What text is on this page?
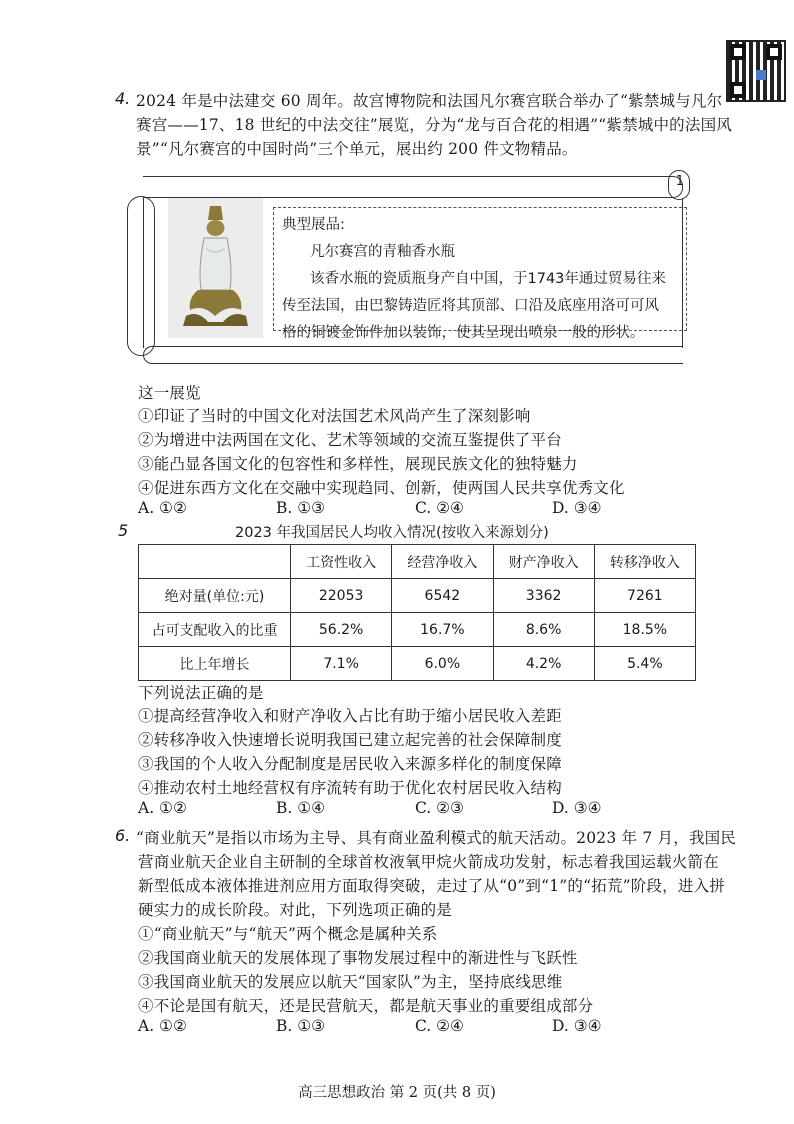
4. 2024 年是中法建交 60 周年。故宫博物院和法国凡尔赛宫联合举办了“紫禁城与凡尔
赛宫——17、18 世纪的中法交往”展览，分为“龙与百合花的相遇”“紫禁城中的法国风
景”“凡尔赛宫的中国时尚”三个单元，展出约 200 件文物精品。
1
典型展品:
凡尔赛宫的青釉香水瓶
该香水瓶的瓷质瓶身产自中国，于1743年通过贸易往来
传至法国，由巴黎铸造匠将其顶部、口沿及底座用洛可可风
格的铜镀金饰件加以装饰，使其呈现出喷泉一般的形状。
这一展览
①印证了当时的中国文化对法国艺术风尚产生了深刻影响
②为增进中法两国在文化、艺术等领域的交流互鉴提供了平台
③能凸显各国文化的包容性和多样性，展现民族文化的独特魅力
④促进东西方文化在交融中实现趋同、创新，使两国人民共享优秀文化
A. ①②	B. ①③	C. ②④	D. ③④
5	2023 年我国居民人均收入情况(按收入来源划分)
	工资性收入	经营净收入	财产净收入	转移净收入
绝对量(单位:元)	22053	6542	3362	7261
占可支配收入的比重	56.2%	16.7%	8.6%	18.5%
比上年增长	7.1%	6.0%	4.2%	5.4%
下列说法正确的是
①提高经营净收入和财产净收入占比有助于缩小居民收入差距
②转移净收入快速增长说明我国已建立起完善的社会保障制度
③我国的个人收入分配制度是居民收入来源多样化的制度保障
④推动农村土地经营权有序流转有助于优化农村居民收入结构
A. ①②	B. ①④	C. ②③	D. ③④
6. “商业航天”是指以市场为主导、具有商业盈利模式的航天活动。2023 年 7 月，我国民
营商业航天企业自主研制的全球首枚液氧甲烷火箭成功发射，标志着我国运载火箭在
新型低成本液体推进剂应用方面取得突破，走过了从“0”到“1”的“拓荒”阶段，进入拼
硬实力的成长阶段。对此，下列选项正确的是
①“商业航天”与“航天”两个概念是属种关系
②我国商业航天的发展体现了事物发展过程中的渐进性与飞跃性
③我国商业航天的发展应以航天“国家队”为主，坚持底线思维
④不论是国有航天，还是民营航天，都是航天事业的重要组成部分
A. ①②	B. ①③	C. ②④	D. ③④
高三思想政治 第 2 页(共 8 页)
